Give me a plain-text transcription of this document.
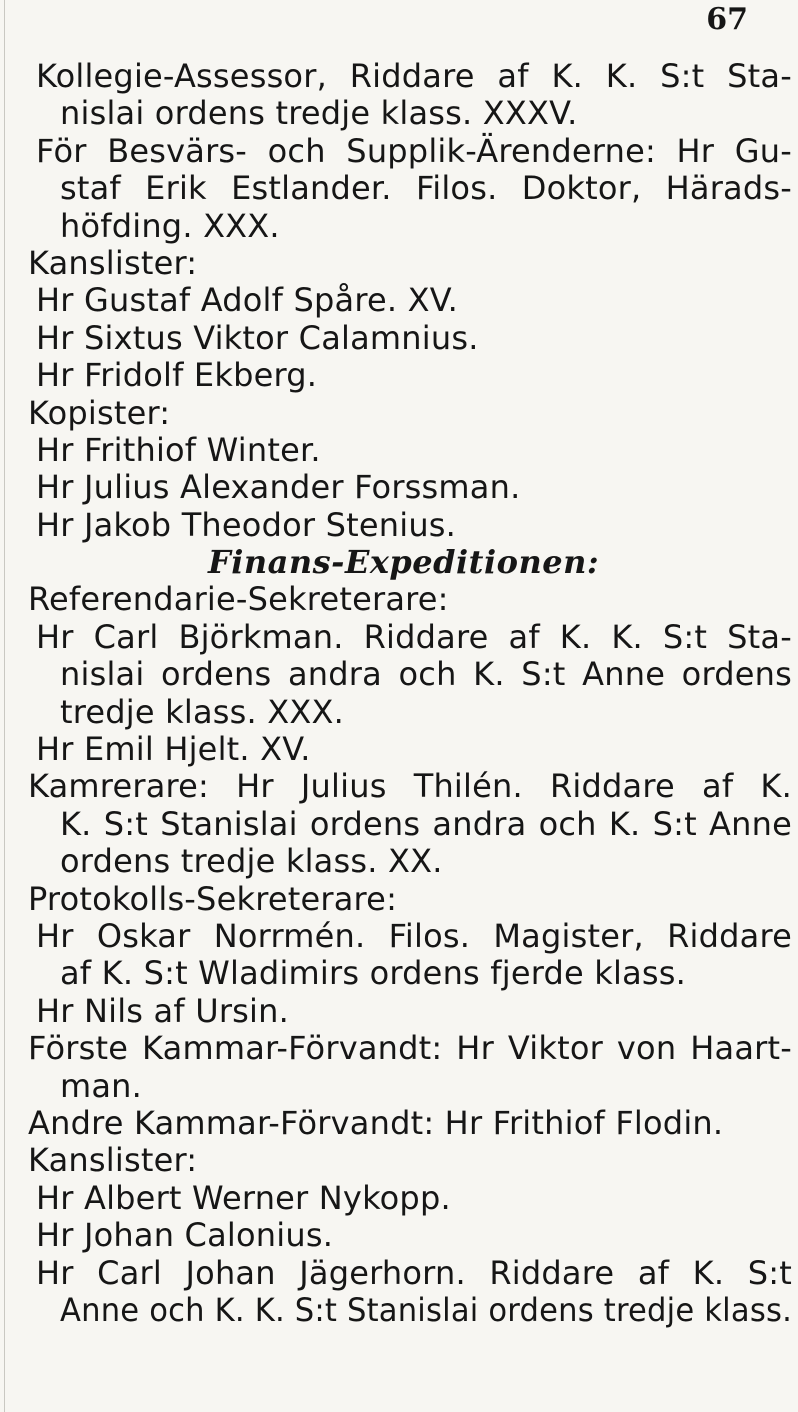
67
Kollegie-Assessor, Riddare af K. K. S:t Sta-
nislai ordens tredje klass. XXXV.
För Besvärs- och Supplik-Ärenderne: Hr Gu-
staf Erik Estlander. Filos. Doktor, Härads-
höfding. XXX.
Kanslister:
Hr Gustaf Adolf Spåre. XV.
Hr Sixtus Viktor Calamnius.
Hr Fridolf Ekberg.
Kopister:
Hr Frithiof Winter.
Hr Julius Alexander Forssman.
Hr Jakob Theodor Stenius.
Finans-Expeditionen:
Referendarie-Sekreterare:
Hr Carl Björkman. Riddare af K. K. S:t Sta-
nislai ordens andra och K. S:t Anne ordens
tredje klass. XXX.
Hr Emil Hjelt. XV.
Kamrerare: Hr Julius Thilén. Riddare af K.
K. S:t Stanislai ordens andra och K. S:t Anne
ordens tredje klass. XX.
Protokolls-Sekreterare:
Hr Oskar Norrmén. Filos. Magister, Riddare
af K. S:t Wladimirs ordens fjerde klass.
Hr Nils af Ursin.
Förste Kammar-Förvandt: Hr Viktor von Haart-
man.
Andre Kammar-Förvandt: Hr Frithiof Flodin.
Kanslister:
Hr Albert Werner Nykopp.
Hr Johan Calonius.
Hr Carl Johan Jägerhorn. Riddare af K. S:t
Anne och K. K. S:t Stanislai ordens tredje klass.
